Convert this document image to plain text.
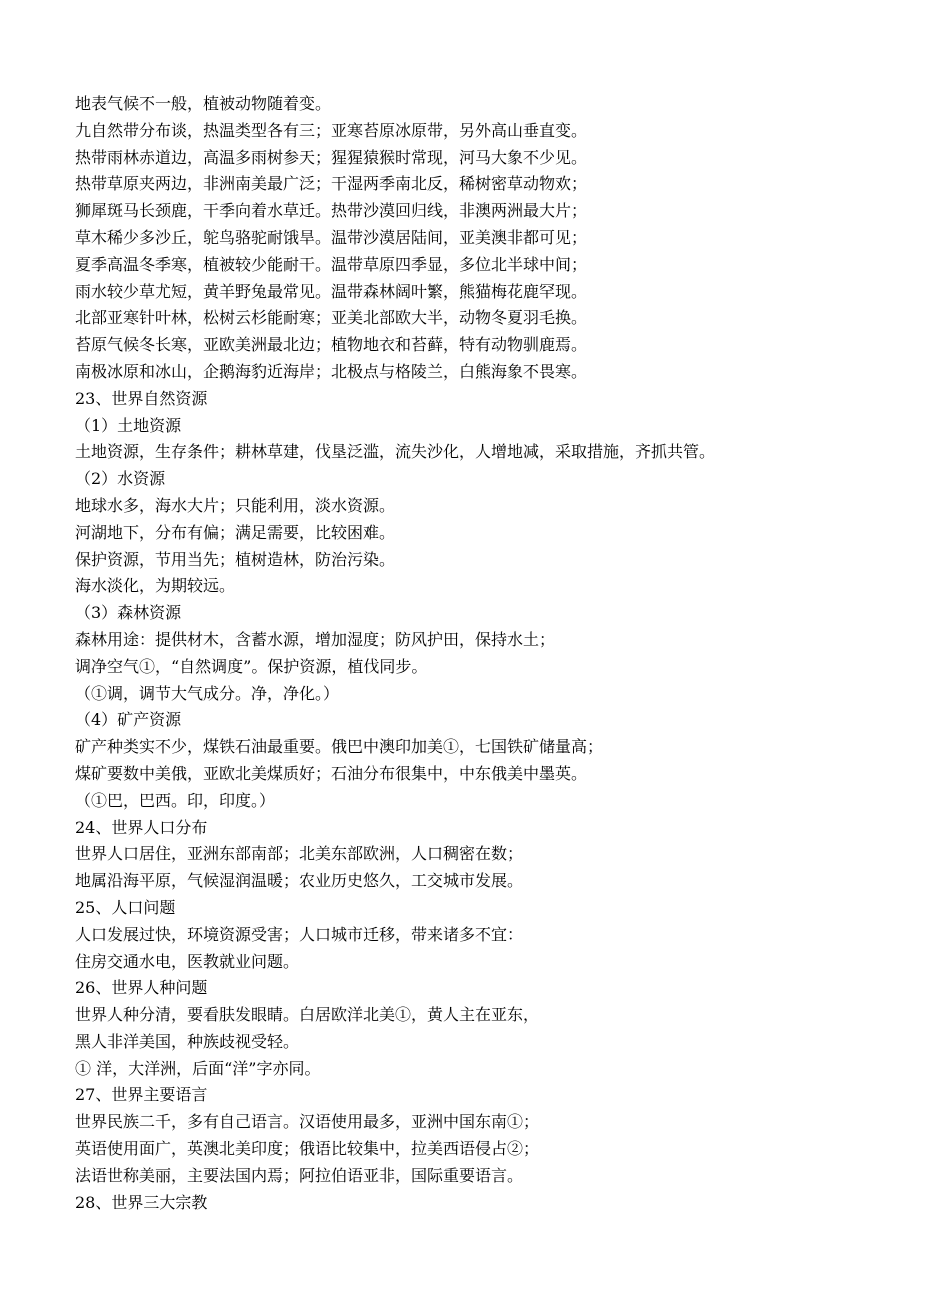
地表气候不一般，植被动物随着变。
九自然带分布谈，热温类型各有三；亚寒苔原冰原带，另外高山垂直变。
热带雨林赤道边，高温多雨树参天；猩猩猿猴时常现，河马大象不少见。
热带草原夹两边，非洲南美最广泛；干湿两季南北反，稀树密草动物欢；
狮犀斑马长颈鹿，干季向着水草迁。热带沙漠回归线，非澳两洲最大片；
草木稀少多沙丘，鸵鸟骆驼耐饿旱。温带沙漠居陆间，亚美澳非都可见；
夏季高温冬季寒，植被较少能耐干。温带草原四季显，多位北半球中间；
雨水较少草尤短，黄羊野兔最常见。温带森林阔叶繁，熊猫梅花鹿罕现。
北部亚寒针叶林，松树云杉能耐寒；亚美北部欧大半，动物冬夏羽毛换。
苔原气候冬长寒，亚欧美洲最北边；植物地衣和苔藓，特有动物驯鹿焉。
南极冰原和冰山，企鹅海豹近海岸；北极点与格陵兰，白熊海象不畏寒。
23、世界自然资源
（1）土地资源
土地资源，生存条件；耕林草建，伐垦泛滥，流失沙化，人增地减，采取措施，齐抓共管。
（2）水资源
地球水多，海水大片；只能利用，淡水资源。
河湖地下，分布有偏；满足需要，比较困难。
保护资源，节用当先；植树造林，防治污染。
海水淡化，为期较远。
（3）森林资源
森林用途：提供材木，含蓄水源，增加湿度；防风护田，保持水土；
调净空气①，“自然调度”。保护资源，植伐同步。
（①调，调节大气成分。净，净化。）
（4）矿产资源
矿产种类实不少，煤铁石油最重要。俄巴中澳印加美①，七国铁矿储量高；
煤矿要数中美俄，亚欧北美煤质好；石油分布很集中，中东俄美中墨英。
（①巴，巴西。印，印度。）
24、世界人口分布
世界人口居住，亚洲东部南部；北美东部欧洲，人口稠密在数；
地属沿海平原，气候湿润温暖；农业历史悠久，工交城市发展。
25、人口问题
人口发展过快，环境资源受害；人口城市迁移，带来诸多不宜：
住房交通水电，医教就业问题。
26、世界人种问题
世界人种分清，要看肤发眼睛。白居欧洋北美①，黄人主在亚东，
黑人非洋美国，种族歧视受轻。
① 洋，大洋洲，后面“洋”字亦同。
27、世界主要语言
世界民族二千，多有自己语言。汉语使用最多，亚洲中国东南①；
英语使用面广，英澳北美印度；俄语比较集中，拉美西语侵占②；
法语世称美丽，主要法国内焉；阿拉伯语亚非，国际重要语言。
28、世界三大宗教
